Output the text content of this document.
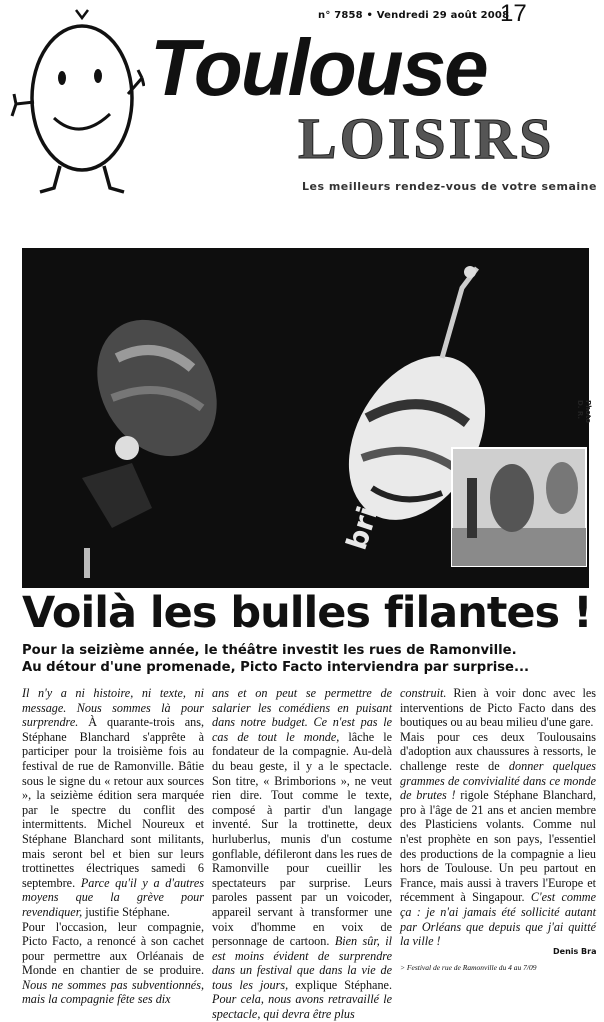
n° 7858 • Vendredi 29 août 2008
17
Toulouse
LOISIRS
Les meilleurs rendez-vous de votre semaine
Photo D. R.
Voilà les bulles filantes !
Pour la seizième année, le théâtre investit les rues de Ramonville.
Au détour d'une promenade, Picto Facto interviendra par surprise...

Il n'y a ni histoire, ni texte, ni message. Nous sommes là pour surprendre. À quarante-trois ans, Stéphane Blanchard s'apprête à participer pour la troisième fois au festival de rue de Ramonville. Bâtie sous le signe du « retour aux sources », la seizième édition sera marquée par le spectre du conflit des intermittents. Michel Noureux et Stéphane Blanchard sont militants, mais seront bel et bien sur leurs trottinettes électriques samedi 6 septembre. Parce qu'il y a d'autres moyens que la grève pour revendiquer, justifie Stéphane.

Pour l'occasion, leur compagnie, Picto Facto, a renoncé à son cachet pour permettre aux Orléanais de Monde en chantier de se produire. Nous ne sommes pas subventionnés, mais la compagnie fête ses dix

ans et on peut se permettre de salarier les comédiens en puisant dans notre budget. Ce n'est pas le cas de tout le monde, lâche le fondateur de la compagnie. Au-delà du beau geste, il y a le spectacle. Son titre, « Brimborions », ne veut rien dire. Tout comme le texte, composé à partir d'un langage inventé. Sur la trottinette, deux hurluberlus, munis d'un costume gonflable, défileront dans les rues de Ramonville pour cueillir les spectateurs par surprise. Leurs paroles passent par un voicoder, appareil servant à transformer une voix d'homme en voix de personnage de cartoon. Bien sûr, il est moins évident de surprendre dans un festival que dans la vie de tous les jours, explique Stéphane. Pour cela, nous avons retravaillé le spectacle, qui devra être plus

construit. Rien à voir donc avec les interventions de Picto Facto dans des boutiques ou au beau milieu d'une gare.

Mais pour ces deux Toulousains d'adoption aux chaussures à ressorts, le challenge reste de donner quelques grammes de convivialité dans ce monde de brutes ! rigole Stéphane Blanchard, pro à l'âge de 21 ans et ancien membre des Plasticiens volants. Comme nul n'est prophète en son pays, l'essentiel des productions de la compagnie a lieu hors de Toulouse. Un peu partout en France, mais aussi à travers l'Europe et récemment à Singapour. C'est comme ça : je n'ai jamais été sollicité autant par Orléans que depuis que j'ai quitté la ville !

Denis Bra
> Festival de rue de Ramonville du 4 au 7/09
